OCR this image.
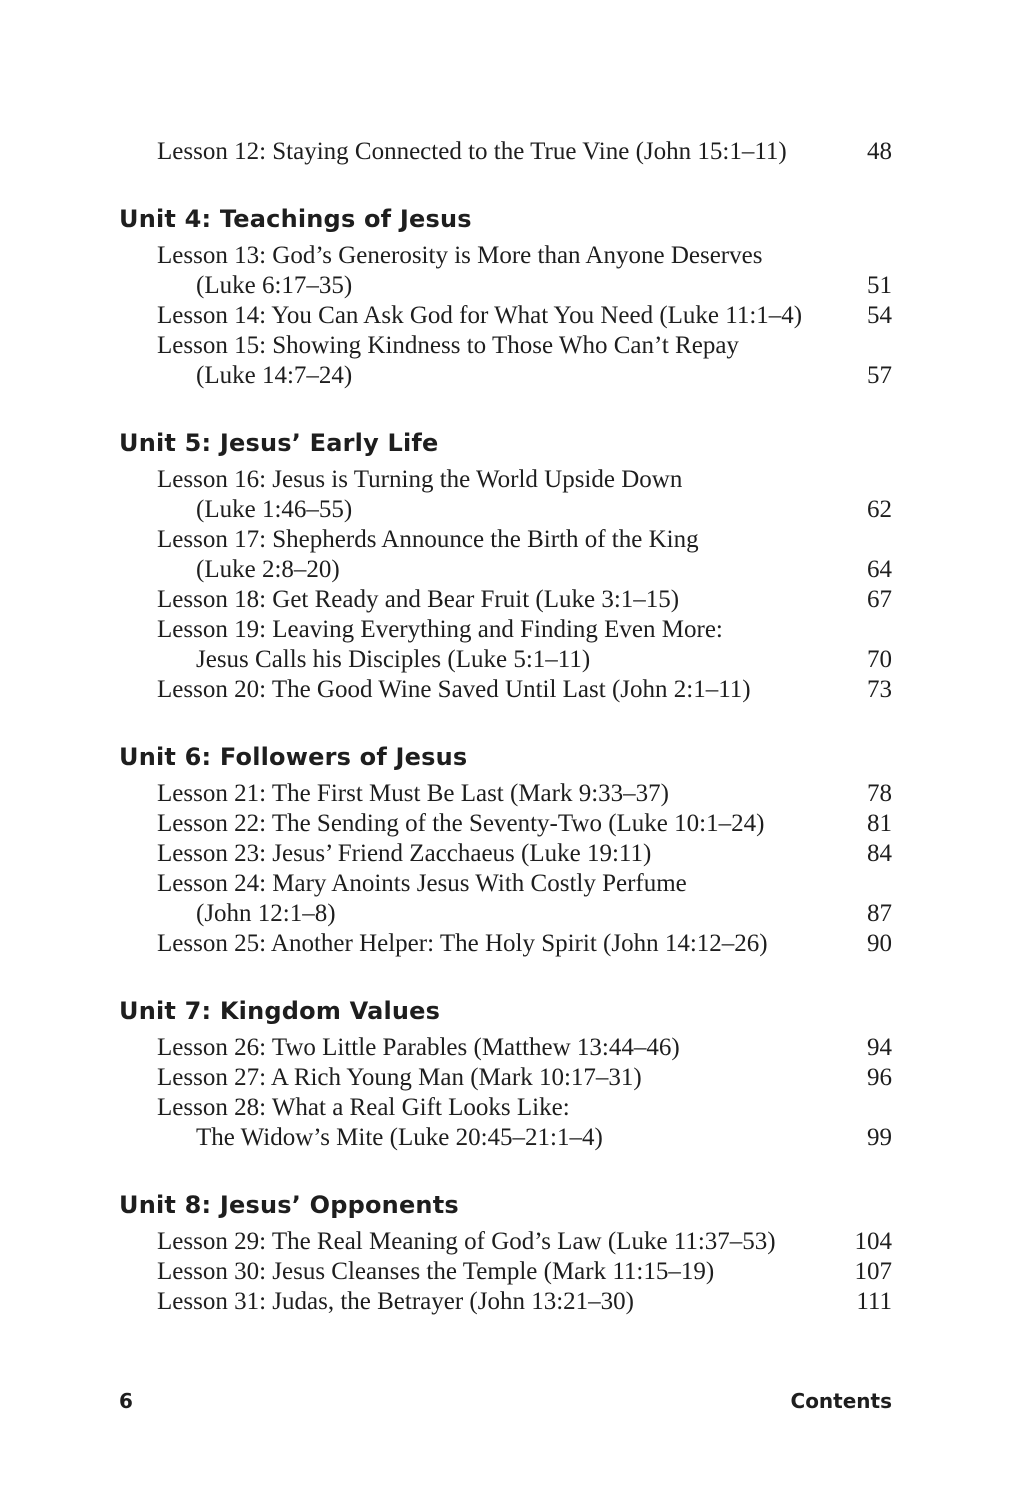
Lesson 12: Staying Connected to the True Vine (John 15:1–11)	48
Unit 4: Teachings of Jesus
Lesson 13: God’s Generosity is More than Anyone Deserves
(Luke 6:17–35)	51
Lesson 14: You Can Ask God for What You Need (Luke 11:1–4)	54
Lesson 15: Showing Kindness to Those Who Can’t Repay
(Luke 14:7–24)	57
Unit 5: Jesus’ Early Life
Lesson 16: Jesus is Turning the World Upside Down
(Luke 1:46–55)	62
Lesson 17: Shepherds Announce the Birth of the King
(Luke 2:8–20)	64
Lesson 18: Get Ready and Bear Fruit (Luke 3:1–15)	67
Lesson 19: Leaving Everything and Finding Even More:
Jesus Calls his Disciples (Luke 5:1–11)	70
Lesson 20: The Good Wine Saved Until Last (John 2:1–11)	73
Unit 6: Followers of Jesus
Lesson 21: The First Must Be Last (Mark 9:33–37)	78
Lesson 22: The Sending of the Seventy-Two (Luke 10:1–24)	81
Lesson 23: Jesus’ Friend Zacchaeus (Luke 19:11)	84
Lesson 24: Mary Anoints Jesus With Costly Perfume
(John 12:1–8)	87
Lesson 25: Another Helper: The Holy Spirit (John 14:12–26)	90
Unit 7: Kingdom Values
Lesson 26: Two Little Parables (Matthew 13:44–46)	94
Lesson 27: A Rich Young Man (Mark 10:17–31)	96
Lesson 28: What a Real Gift Looks Like:
The Widow’s Mite (Luke 20:45–21:1–4)	99
Unit 8: Jesus’ Opponents
Lesson 29: The Real Meaning of God’s Law (Luke 11:37–53)	104
Lesson 30: Jesus Cleanses the Temple (Mark 11:15–19)	107
Lesson 31: Judas, the Betrayer (John 13:21–30)	111
6	Contents
